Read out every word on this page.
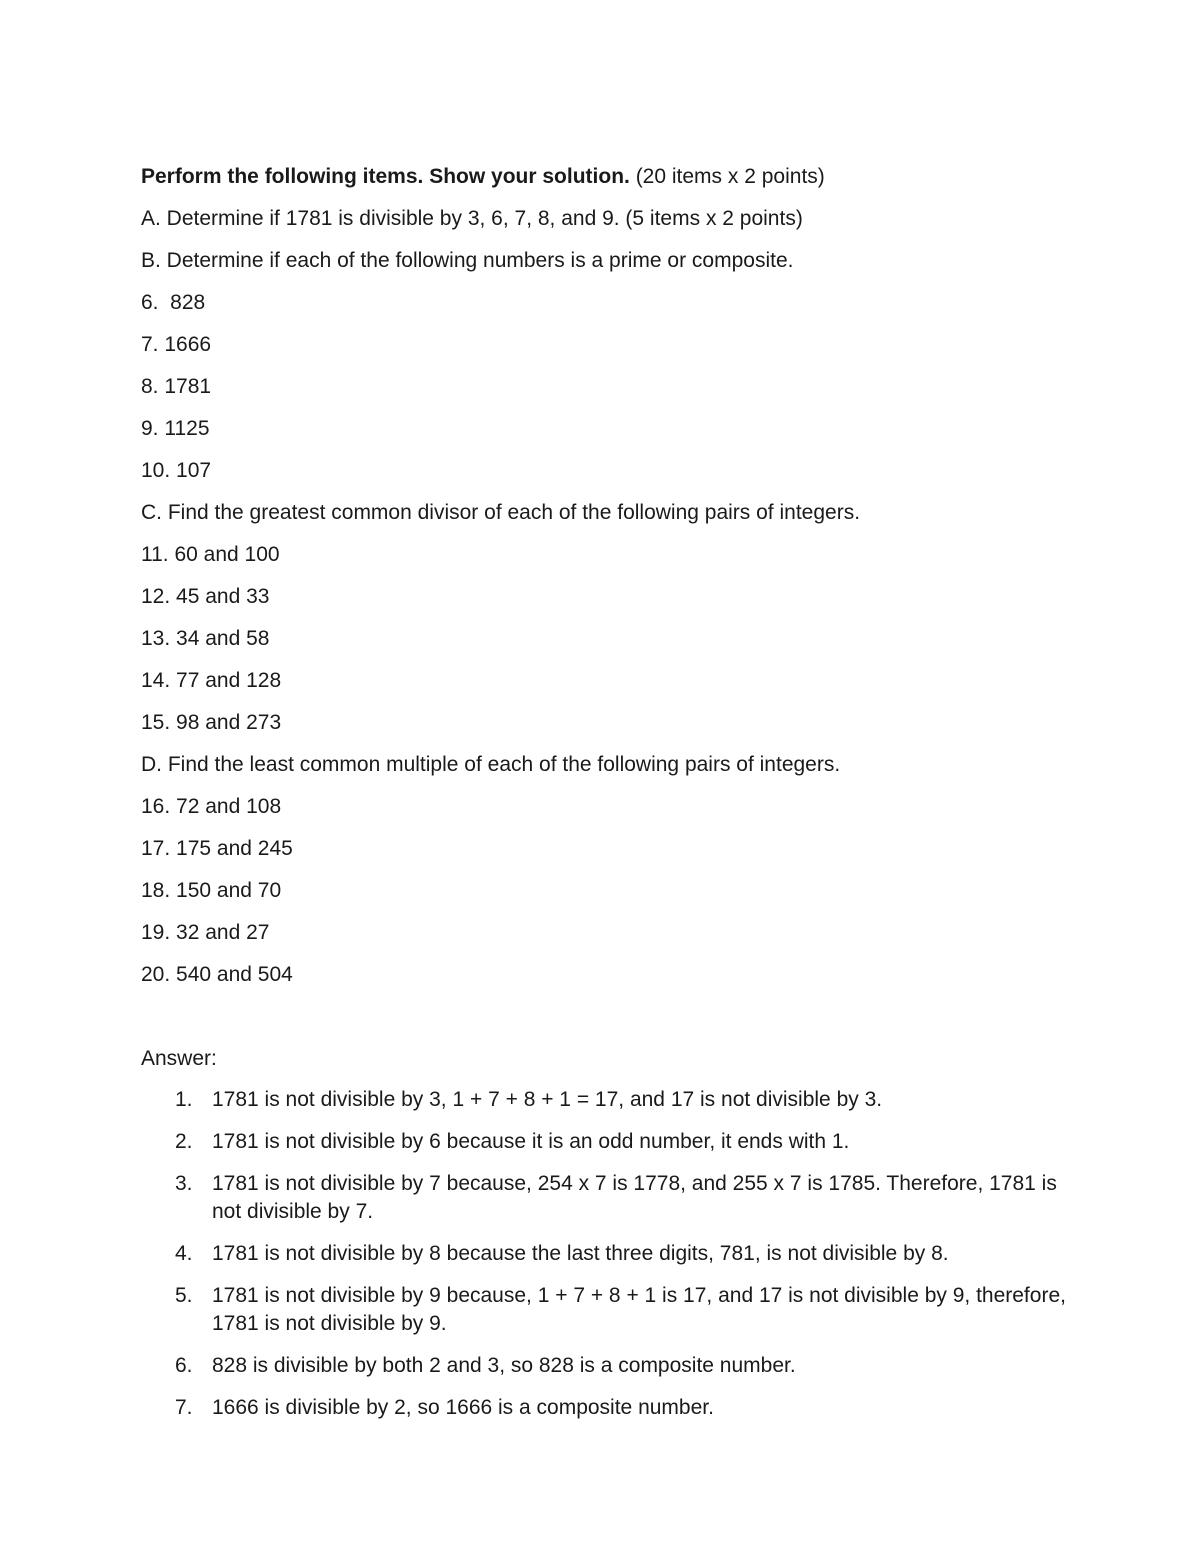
Perform the following items. Show your solution. (20 items x 2 points)
A. Determine if 1781 is divisible by 3, 6, 7, 8, and 9. (5 items x 2 points)
B. Determine if each of the following numbers is a prime or composite.
6.  828
7. 1666
8. 1781
9. 1125
10. 107
C. Find the greatest common divisor of each of the following pairs of integers.
11. 60 and 100
12. 45 and 33
13. 34 and 58
14. 77 and 128
15. 98 and 273
D. Find the least common multiple of each of the following pairs of integers.
16. 72 and 108
17. 175 and 245
18. 150 and 70
19. 32 and 27
20. 540 and 504
Answer:
1. 1781 is not divisible by 3, 1 + 7 + 8 + 1 = 17, and 17 is not divisible by 3.
2. 1781 is not divisible by 6 because it is an odd number, it ends with 1.
3. 1781 is not divisible by 7 because, 254 x 7 is 1778, and 255 x 7 is 1785. Therefore, 1781 is not divisible by 7.
4. 1781 is not divisible by 8 because the last three digits, 781, is not divisible by 8.
5. 1781 is not divisible by 9 because, 1 + 7 + 8 + 1 is 17, and 17 is not divisible by 9, therefore, 1781 is not divisible by 9.
6. 828 is divisible by both 2 and 3, so 828 is a composite number.
7. 1666 is divisible by 2, so 1666 is a composite number.
